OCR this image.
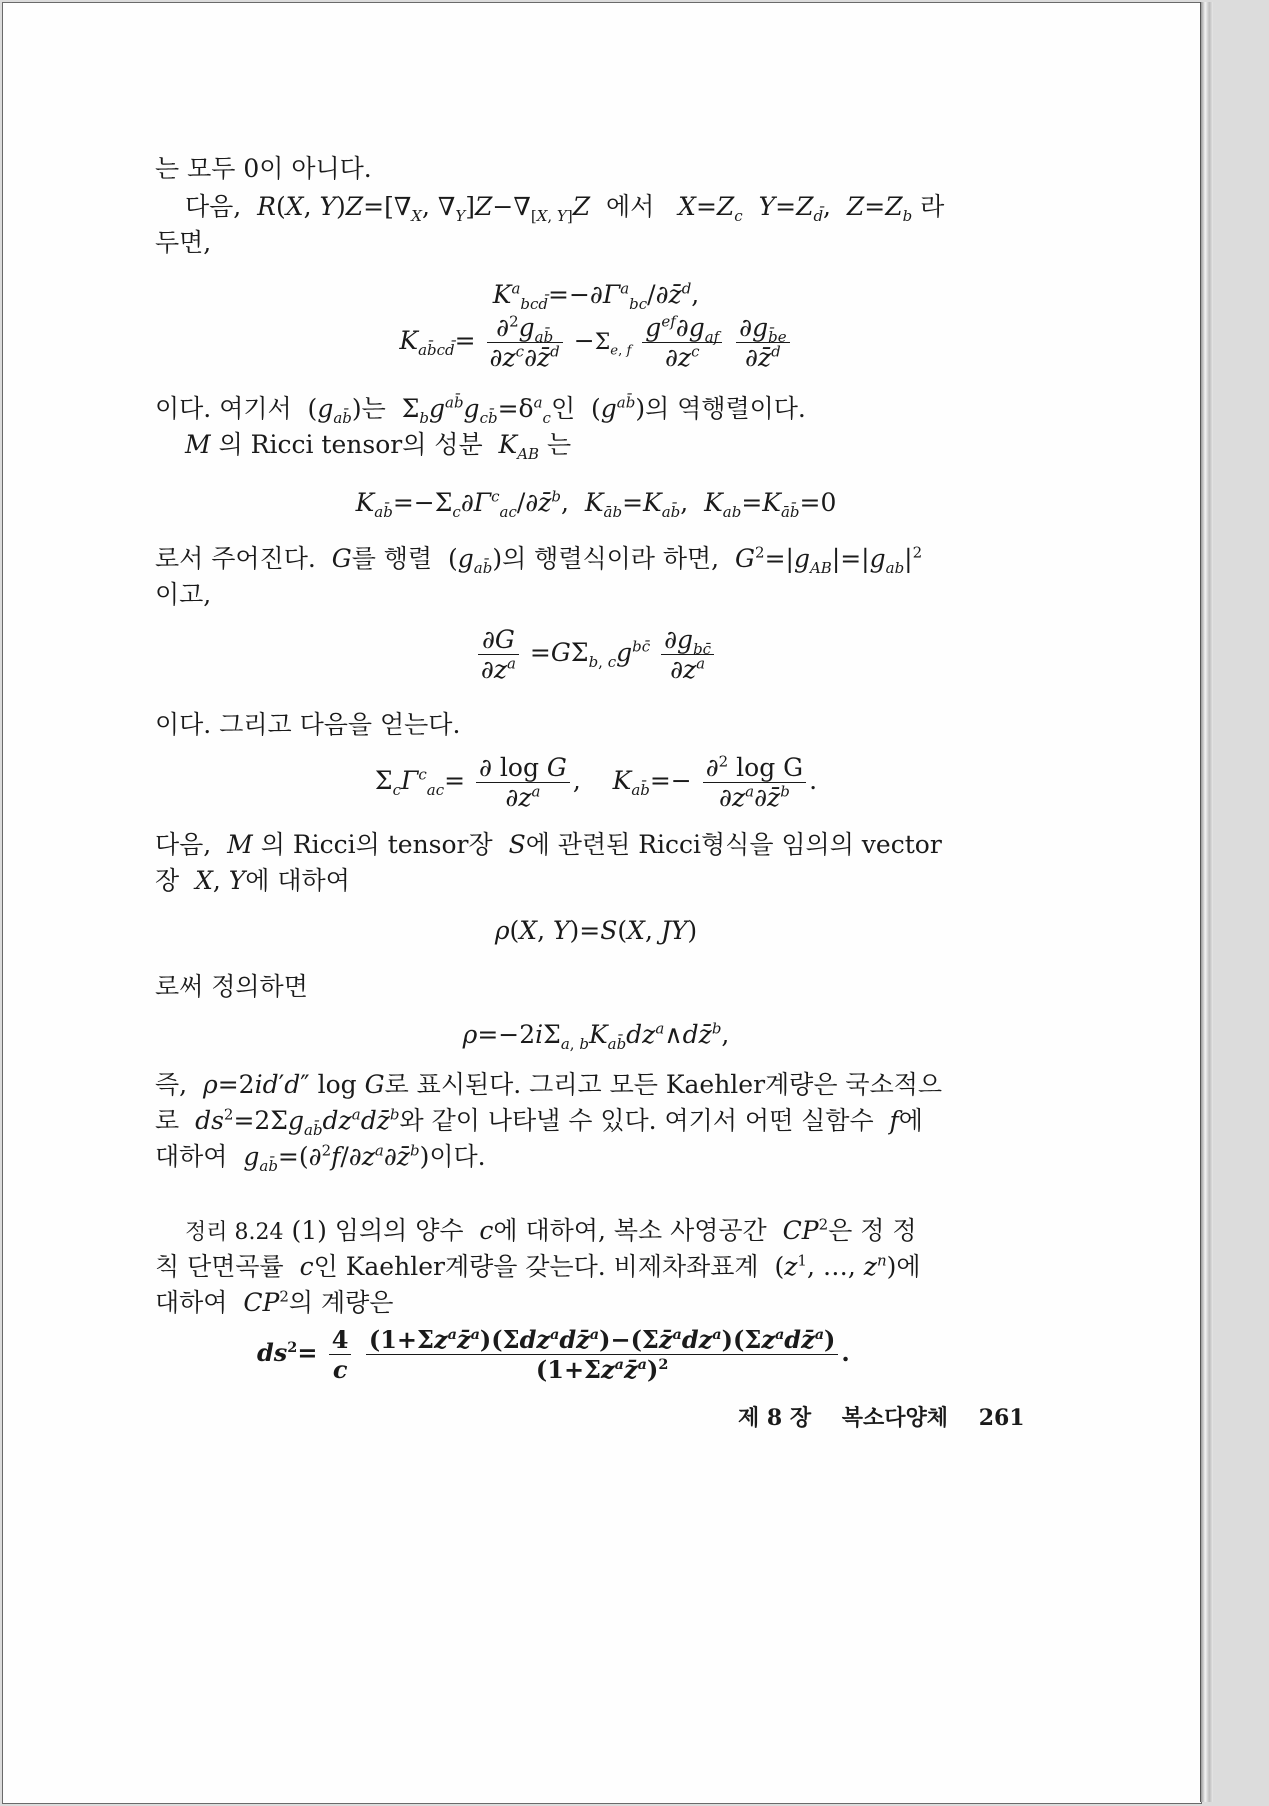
는 모두 0이 아니다.
다음, R(X, $Y)Z=[\nabla_X$, $\nabla_Y]Z-\nabla_{[X, Y]}Z$ 에서 $X=Z_c$ $Y=Z_{d̄}$,  $Z=Z_b$ 라
두면,
$K^a_{bcd̄}=-\partial\Gamma^a_{bc}/\partial z̄^d$,
$K_{ab̄cd̄}= \frac{\partial^2g_{ab̄}}{\partial z^c\partial z̄^d} -\Sigma_{e, f} \frac{g^{ef}\partial g_{af}}{\partial z^c}$
$\frac{\partial g_{b̄e}}{\partial z̄^d}$
이다. 여기서  $(g_{ab̄})$는  $\Sigma_bg^{ab̄}g_{cb̄}=\delta^a_c$인  $(g^{ab̄})$의 역행렬이다.
M 의 Ricci tensor의 성분 $K_{AB}$ 는
$K_{ab̄}=-\Sigma_c\partial\Gamma^c_{ac}/\partial z̄^b$,  $K_{āb}=K_{ab̄}$,  $K_{ab}=K_{āb̄}=0$
로서 주어진다. G를 행렬  $(g_{ab̄})$의 행렬식이라 하면, $G^2=|g_{AB}|=|g_{ab}|^2$
이고,
$\frac{\partial G}{\partial z^a} =G\Sigma_{b, c}g^{bc̄} \frac{\partial g_{bc̄}}{\partial z^a}$
이다. 그리고 다음을 얻는다.
$\Sigma_c\Gamma^c_{ac}= \frac{\text{∂ log G}}{\partial z^a}$ ,    $K_{ab̄}=- \frac{\partial^2 \log G}{\partial z^a\partial z̄^b}$ .
다음, M 의 Ricci의 tensor장 S에 관련된 Ricci형식을 임의의 vector
장 X, Y에 대하여
ρ(X, Y)=S(X, JY)
로써 정의하면
$\rho=-2i\Sigma_{a, b}K_{ab̄}dz^a\wedge dz̄^b$,
즉, ρ=2id′d″ log G로 표시된다. 그리고 모든 Kaehler계량은 국소적으
로 $ds^2=2\Sigma g_{ab̄}dz^adz̄^b$와 같이 나타낼 수 있다. 여기서 어떤 실함수 f에
대하여 $g_{ab̄}=(\partial^2f/\partial z^a\partial z̄^b)$이다.
정리 8.24 (1) 임의의 양수 c에 대하여, 복소 사영공간 $CP^2$은 정 정
칙 단면곡률 c인 Kaehler계량을 갖는다. 비제차좌표계  ($z^1$, …, $z^n$)에
대하여 $CP^2$의 계량은
$ds^2= \frac{4}{c}$
$\frac{(1+\Sigma z^az̄^a)(\Sigma dz^adz̄^a)-(\Sigma z̄^adz^a)(\Sigma z^adz̄^a)}{(1+\Sigma z^az̄^a)^2}$ .
제 8 장 복소다양체 261
